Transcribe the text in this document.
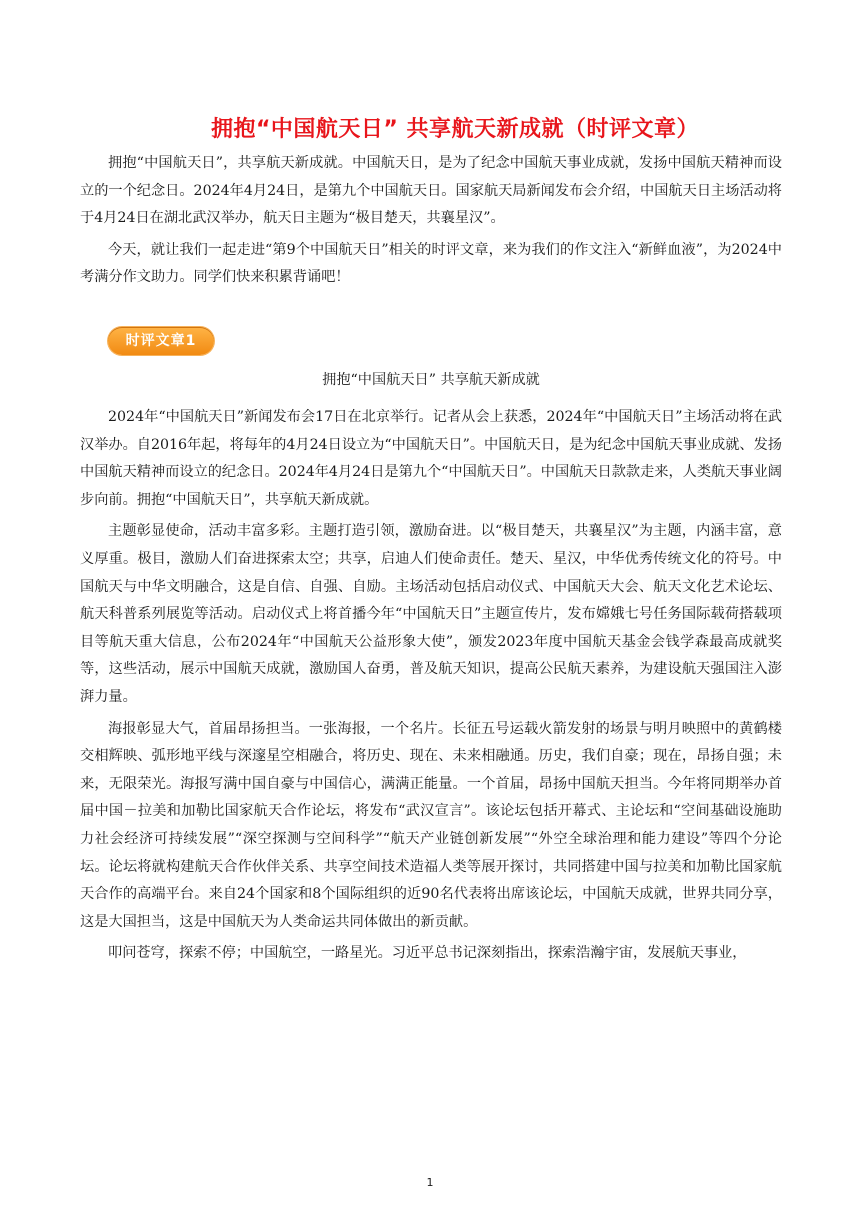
拥抱“中国航天日” 共享航天新成就（时评文章）

拥抱“中国航天日”，共享航天新成就。中国航天日，是为了纪念中国航天事业成就，发扬中国航天精神而设立的一个纪念日。2024年4月24日，是第九个中国航天日。国家航天局新闻发布会介绍，中国航天日主场活动将于4月24日在湖北武汉举办，航天日主题为“极目楚天，共襄星汉”。

今天，就让我们一起走进“第9个中国航天日”相关的时评文章，来为我们的作文注入“新鲜血液”，为2024中考满分作文助力。同学们快来积累背诵吧！

时评文章1
拥抱“中国航天日” 共享航天新成就

2024年“中国航天日”新闻发布会17日在北京举行。记者从会上获悉，2024年“中国航天日”主场活动将在武汉举办。自2016年起，将每年的4月24日设立为“中国航天日”。中国航天日，是为纪念中国航天事业成就、发扬中国航天精神而设立的纪念日。2024年4月24日是第九个“中国航天日”。中国航天日款款走来，人类航天事业阔步向前。拥抱“中国航天日”，共享航天新成就。

主题彰显使命，活动丰富多彩。主题打造引领，激励奋进。以“极目楚天，共襄星汉”为主题，内涵丰富，意义厚重。极目，激励人们奋进探索太空；共享，启迪人们使命责任。楚天、星汉，中华优秀传统文化的符号。中国航天与中华文明融合，这是自信、自强、自励。主场活动包括启动仪式、中国航天大会、航天文化艺术论坛、航天科普系列展览等活动。启动仪式上将首播今年“中国航天日”主题宣传片，发布嫦娥七号任务国际载荷搭载项目等航天重大信息，公布2024年“中国航天公益形象大使”，颁发2023年度中国航天基金会钱学森最高成就奖等，这些活动，展示中国航天成就，激励国人奋勇，普及航天知识，提高公民航天素养，为建设航天强国注入澎湃力量。

海报彰显大气，首届昂扬担当。一张海报，一个名片。长征五号运载火箭发射的场景与明月映照中的黄鹤楼交相辉映、弧形地平线与深邃星空相融合，将历史、现在、未来相融通。历史，我们自豪；现在，昂扬自强；未来，无限荣光。海报写满中国自豪与中国信心，满满正能量。一个首届，昂扬中国航天担当。今年将同期举办首届中国－拉美和加勒比国家航天合作论坛，将发布“武汉宣言”。该论坛包括开幕式、主论坛和“空间基础设施助力社会经济可持续发展”“深空探测与空间科学”“航天产业链创新发展”“外空全球治理和能力建设”等四个分论坛。论坛将就构建航天合作伙伴关系、共享空间技术造福人类等展开探讨，共同搭建中国与拉美和加勒比国家航天合作的高端平台。来自24个国家和8个国际组织的近90名代表将出席该论坛，中国航天成就，世界共同分享，这是大国担当，这是中国航天为人类命运共同体做出的新贡献。

叩问苍穹，探索不停；中国航空，一路星光。习近平总书记深刻指出，探索浩瀚宇宙，发展航天事业，

1
